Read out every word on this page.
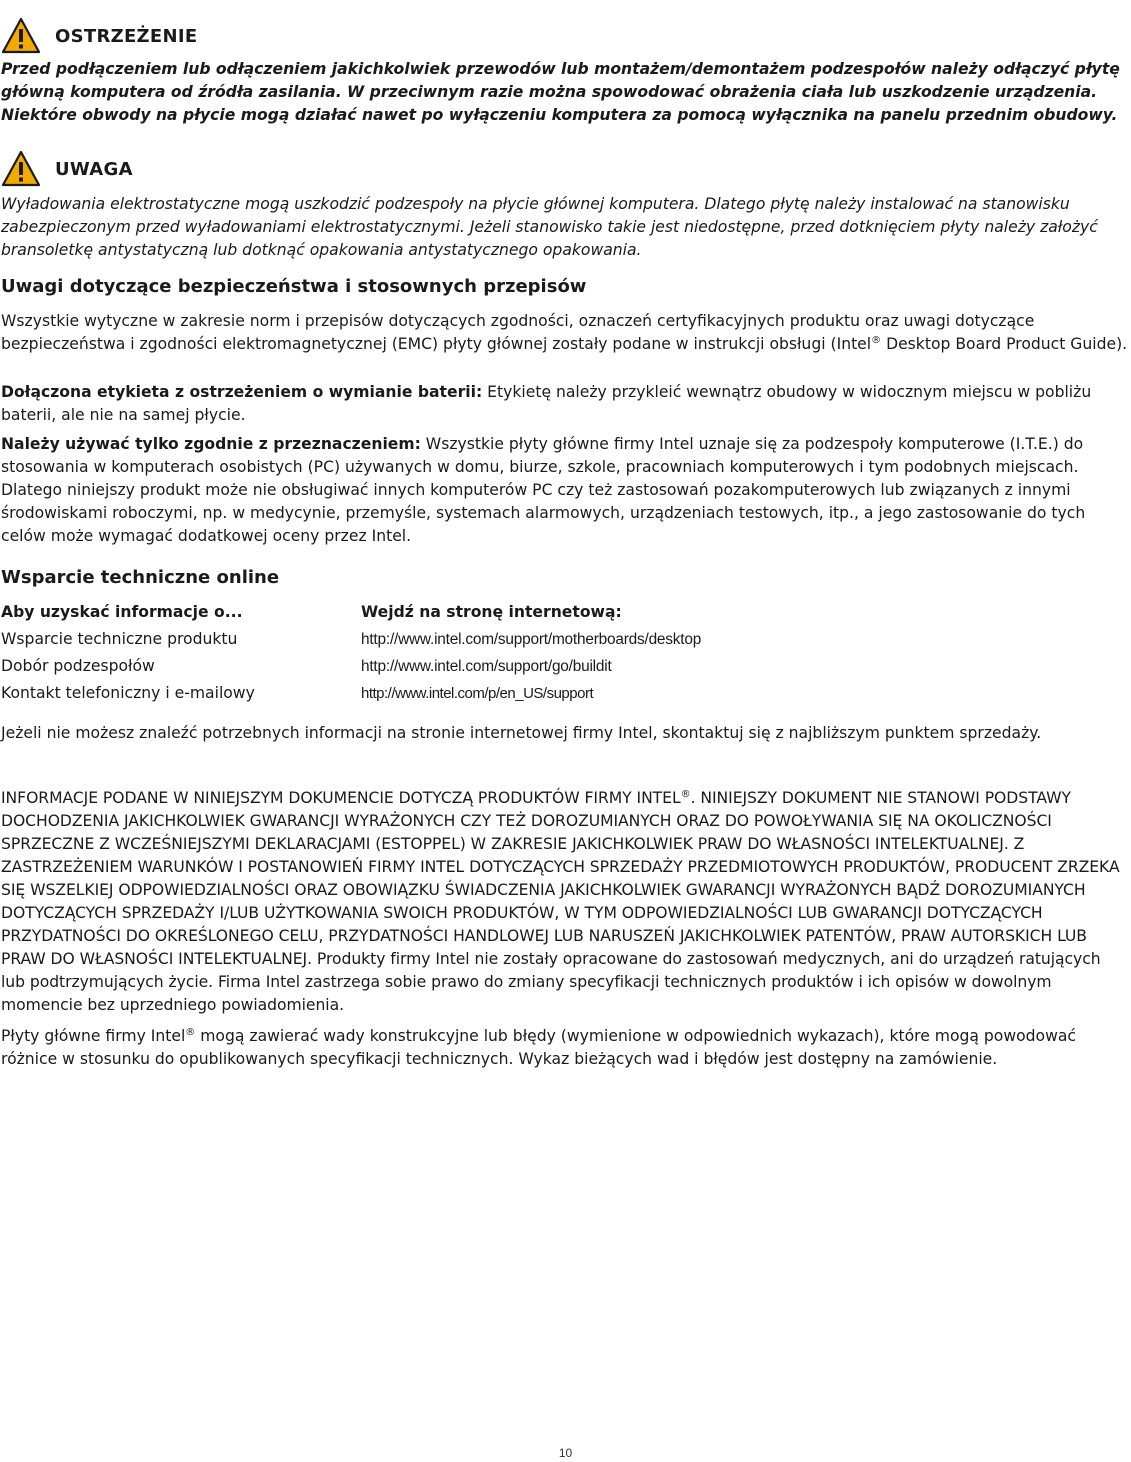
OSTRZEŻENIE
Przed podłączeniem lub odłączeniem jakichkolwiek przewodów lub montażem/demontażem podzespołów należy odłączyć płytę główną komputera od źródła zasilania. W przeciwnym razie można spowodować obrażenia ciała lub uszkodzenie urządzenia. Niektóre obwody na płycie mogą działać nawet po wyłączeniu komputera za pomocą wyłącznika na panelu przednim obudowy.
UWAGA
Wyładowania elektrostatyczne mogą uszkodzić podzespoły na płycie głównej komputera. Dlatego płytę należy instalować na stanowisku zabezpieczonym przed wyładowaniami elektrostatycznymi. Jeżeli stanowisko takie jest niedostępne, przed dotknięciem płyty należy założyć bransoletkę antystatyczną lub dotknąć opakowania antystatycznego opakowania.
Uwagi dotyczące bezpieczeństwa i stosownych przepisów
Wszystkie wytyczne w zakresie norm i przepisów dotyczących zgodności, oznaczeń certyfikacyjnych produktu oraz uwagi dotyczące bezpieczeństwa i zgodności elektromagnetycznej (EMC) płyty głównej zostały podane w instrukcji obsługi (Intel® Desktop Board Product Guide).
Dołączona etykieta z ostrzeżeniem o wymianie baterii: Etykietę należy przykleić wewnątrz obudowy w widocznym miejscu w pobliżu baterii, ale nie na samej płycie.
Należy używać tylko zgodnie z przeznaczeniem: Wszystkie płyty główne firmy Intel uznaje się za podzespoły komputerowe (I.T.E.) do stosowania w komputerach osobistych (PC) używanych w domu, biurze, szkole, pracowniach komputerowych i tym podobnych miejscach. Dlatego niniejszy produkt może nie obsługiwać innych komputerów PC czy też zastosowań pozakomputerowych lub związanych z innymi środowiskami roboczymi, np. w medycynie, przemyśle, systemach alarmowych, urządzeniach testowych, itp., a jego zastosowanie do tych celów może wymagać dodatkowej oceny przez Intel.
Wsparcie techniczne online
Aby uzyskać informacje o...	Wejdź na stronę internetową:
Wsparcie techniczne produktu	http://www.intel.com/support/motherboards/desktop
Dobór podzespołów	http://www.intel.com/support/go/buildit
Kontakt telefoniczny i e-mailowy	http://www.intel.com/p/en_US/support
Jeżeli nie możesz znaleźć potrzebnych informacji na stronie internetowej firmy Intel, skontaktuj się z najbliższym punktem sprzedaży.
INFORMACJE PODANE W NINIEJSZYM DOKUMENCIE DOTYCZĄ PRODUKTÓW FIRMY INTEL®. NINIEJSZY DOKUMENT NIE STANOWI PODSTAWY DOCHODZENIA JAKICHKOLWIEK GWARANCJI WYRAŻONYCH CZY TEŻ DOROZUMIANYCH ORAZ DO POWOŁYWANIA SIĘ NA OKOLICZNOŚCI SPRZECZNE Z WCZEŚNIEJSZYMI DEKLARACJAMI (ESTOPPEL) W ZAKRESIE JAKICHKOLWIEK PRAW DO WŁASNOŚCI INTELEKTUALNEJ. Z ZASTRZEŻENIEM WARUNKÓW I POSTANOWIEŃ FIRMY INTEL DOTYCZĄCYCH SPRZEDAŻY PRZEDMIOTOWYCH PRODUKTÓW, PRODUCENT ZRZEKA SIĘ WSZELKIEJ ODPOWIEDZIALNOŚCI ORAZ OBOWIĄZKU ŚWIADCZENIA JAKICHKOLWIEK GWARANCJI WYRAŻONYCH BĄDŹ DOROZUMIANYCH DOTYCZĄCYCH SPRZEDAŻY I/LUB UŻYTKOWANIA SWOICH PRODUKTÓW, W TYM ODPOWIEDZIALNOŚCI LUB GWARANCJI DOTYCZĄCYCH PRZYDATNOŚCI DO OKREŚLONEGO CELU, PRZYDATNOŚCI HANDLOWEJ LUB NARUSZEŃ JAKICHKOLWIEK PATENTÓW, PRAW AUTORSKICH LUB PRAW DO WŁASNOŚCI INTELEKTUALNEJ. Produkty firmy Intel nie zostały opracowane do zastosowań medycznych, ani do urządzeń ratujących lub podtrzymujących życie. Firma Intel zastrzega sobie prawo do zmiany specyfikacji technicznych produktów i ich opisów w dowolnym momencie bez uprzedniego powiadomienia.
Płyty główne firmy Intel® mogą zawierać wady konstrukcyjne lub błędy (wymienione w odpowiednich wykazach), które mogą powodować różnice w stosunku do opublikowanych specyfikacji technicznych. Wykaz bieżących wad i błędów jest dostępny na zamówienie.
10
